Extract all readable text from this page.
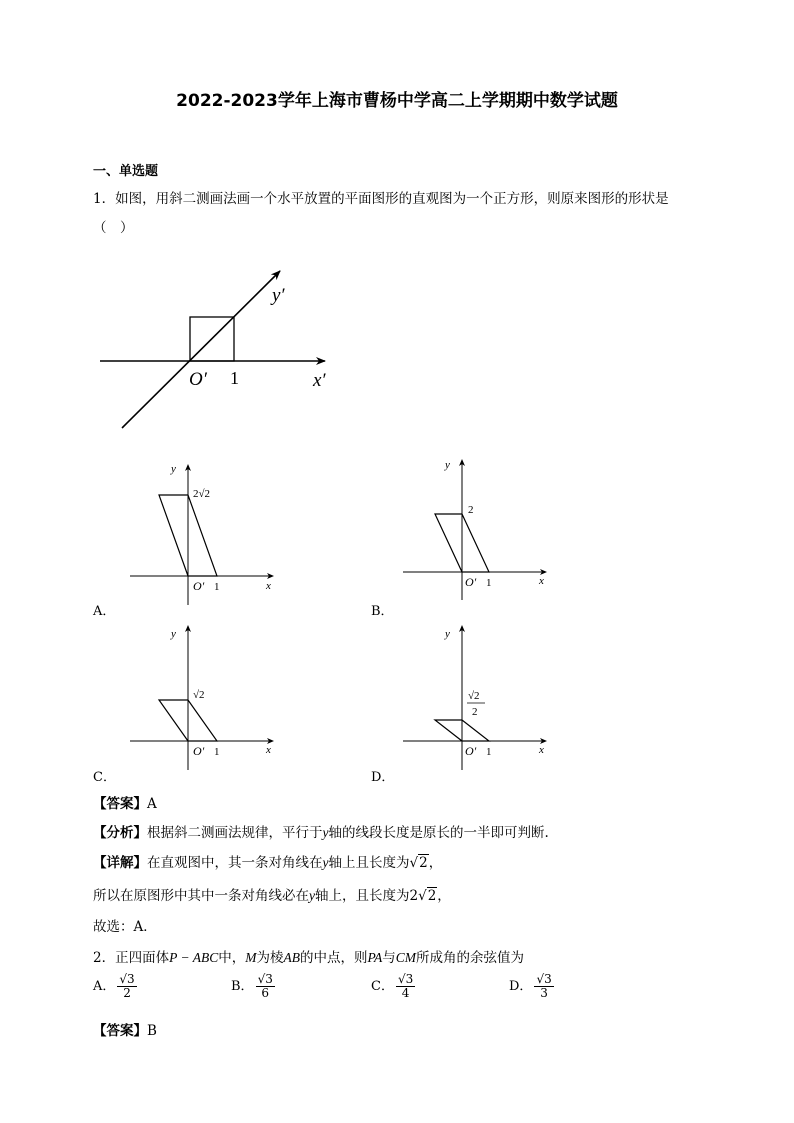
2022-2023学年上海市曹杨中学高二上学期期中数学试题
一、单选题
1．如图，用斜二测画法画一个水平放置的平面图形的直观图为一个正方形，则原来图形的形状是
（　）
y′
x′
O′ 1
y
x
O′ 1
2√2
A．
y
x
O′ 1
2
B．
y
x
O′ 1
√2
C．
y
x
O′ 1
√2
2
D．
【答案】A
【分析】根据斜二测画法规律，平行于y轴的线段长度是原长的一半即可判断.
【详解】在直观图中，其一条对角线在y轴上且长度为√2，
所以在原图形中其中一条对角线必在y轴上，且长度为2√2，
故选：A．
2．正四面体P − ABC中，M为棱AB的中点，则PA与CM所成角的余弦值为
A． $\frac{√3}{2}$	B． $\frac{√3}{6}$	C． $\frac{√3}{4}$	D． $\frac{√3}{3}$
【答案】B
